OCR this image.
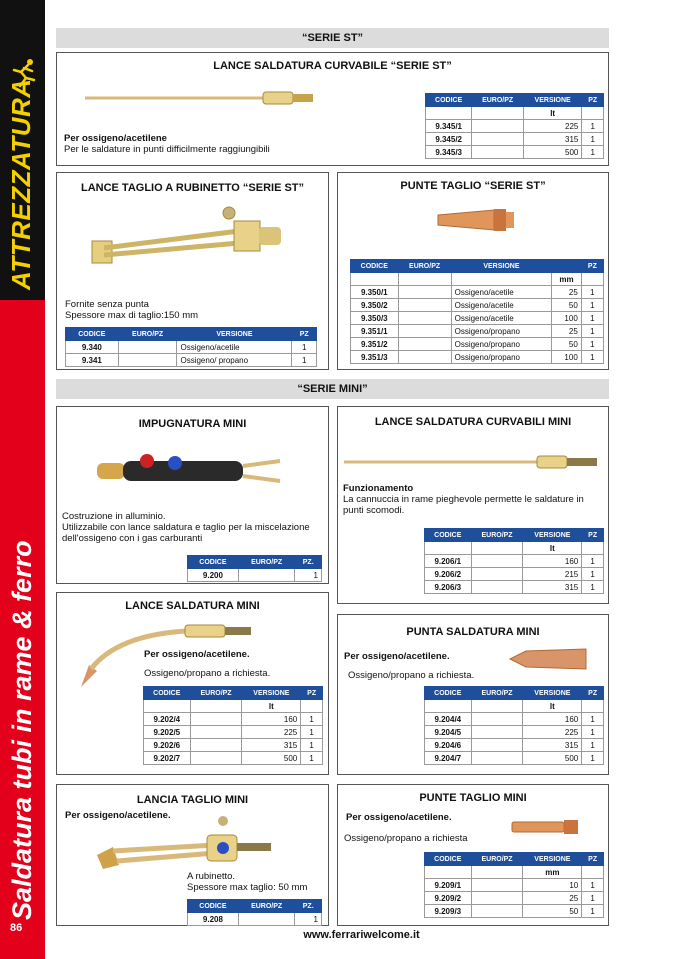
ATTREZZATURA
Saldatura tubi in rame & ferro
86
“SERIE ST”
LANCE SALDATURA CURVABILE “SERIE ST”
Per ossigeno/acetilene
Per le saldature in punti difficilmente raggiungibili
CODICE	EURO/PZ	VERSIONE	PZ
		lt	
9.345/1		225	1
9.345/2		315	1
9.345/3		500	1
LANCE TAGLIO A RUBINETTO “SERIE ST”
Fornite senza punta
Spessore max di taglio:150 mm
CODICE	EURO/PZ	VERSIONE	PZ
9.340		Ossigeno/acetile	1
9.341		Ossigeno/ propano	1
PUNTE TAGLIO “SERIE ST”
CODICE	EURO/PZ	VERSIONE		PZ
			mm	
9.350/1		Ossigeno/acetile	25	1
9.350/2		Ossigeno/acetile	50	1
9.350/3		Ossigeno/acetile	100	1
9.351/1		Ossigeno/propano	25	1
9.351/2		Ossigeno/propano	50	1
9.351/3		Ossigeno/propano	100	1
“SERIE MINI”
IMPUGNATURA MINI
Costruzione in alluminio.
Utilizzabile con lance saldatura e taglio per la miscelazione
dell'ossigeno con i gas carburanti
CODICE	EURO/PZ	PZ.
9.200		1
LANCE SALDATURA CURVABILI MINI
Funzionamento
La cannuccia in rame pieghevole permette le saldature in
punti scomodi.
CODICE	EURO/PZ	VERSIONE	PZ
		lt	
9.206/1		160	1
9.206/2		215	1
9.206/3		315	1
LANCE SALDATURA MINI
Per ossigeno/acetilene.
Ossigeno/propano a richiesta.
CODICE	EURO/PZ	VERSIONE	PZ
		lt	
9.202/4		160	1
9.202/5		225	1
9.202/6		315	1
9.202/7		500	1
PUNTA SALDATURA MINI
Per ossigeno/acetilene.
Ossigeno/propano a richiesta.
CODICE	EURO/PZ	VERSIONE	PZ
		lt	
9.204/4		160	1
9.204/5		225	1
9.204/6		315	1
9.204/7		500	1
LANCIA TAGLIO MINI
Per ossigeno/acetilene.
A rubinetto.
Spessore max taglio: 50 mm
CODICE	EURO/PZ	PZ.
9.208		1
PUNTE TAGLIO MINI
Per ossigeno/acetilene.
Ossigeno/propano a richiesta
CODICE	EURO/PZ	VERSIONE	PZ
		mm	
9.209/1		10	1
9.209/2		25	1
9.209/3		50	1
www.ferrariwelcome.it
